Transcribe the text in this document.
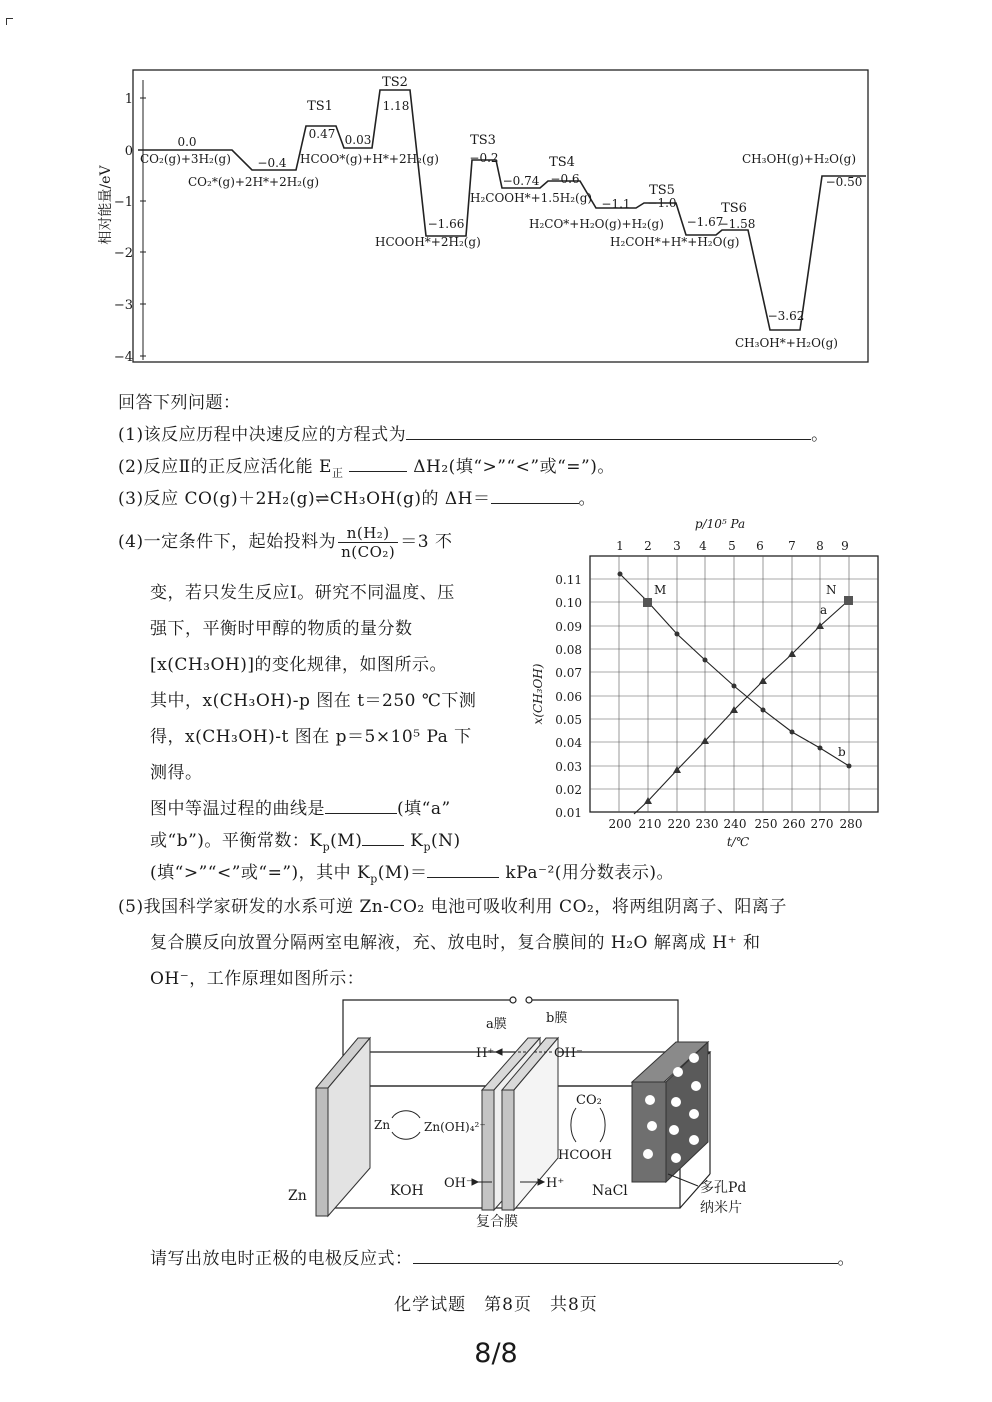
相对能量/eV
1
0
−1
−2
−3
−4
0.0
−0.4
0.47 0.03
1.18
−1.66
−0.2
−0.74 −0.6
−1.1 −1.0
−1.67
−1.58
−3.62
−0.50
TS1
TS2
TS3
TS4
TS5
TS6
CO₂(g)+3H₂(g)
CO₂*(g)+2H*+2H₂(g)
HCOO*(g)+H*+2H₂(g)
HCOOH*+2H₂(g)
H₂COOH*+1.5H₂(g)
H₂CO*+H₂O(g)+H₂(g)
H₂COH*+H*+H₂O(g)
CH₃OH*+H₂O(g)
CH₃OH(g)+H₂O(g)
回答下列问题：
(1)该反应历程中决速反应的方程式为	。
(2)反应Ⅱ的正反应活化能 $E_正$	ΔH₂(填“>”“<”或“=”)。
(3)反应 CO(g)＋2H₂(g)⇌CH₃OH(g)的 ΔH＝	。
(4)一定条件下，起始投料为 $\frac{\text{n(H₂)}}{\text{n(CO₂)}} =3$ 不
变，若只发生反应Ⅰ。研究不同温度、压
强下，平衡时甲醇的物质的量分数
[x(CH₃OH)]的变化规律，如图所示。
其中，x(CH₃OH)-p 图在 t＝250 ℃下测
得，x(CH₃OH)-t 图在 p＝5×10⁵ Pa 下
测得。
图中等温过程的曲线是	(填“a”
或“b”)。平衡常数：$K_p(M)$	$K_p(N)$
(填“>”“<”或“=”)，其中 $K_p(M)=$	kPa⁻²(用分数表示)。
(5)我国科学家研发的水系可逆 Zn-CO₂ 电池可吸收利用 CO₂，将两组阴离子、阳离子
复合膜反向放置分隔两室电解液，充、放电时，复合膜间的 H₂O 解离成 H⁺ 和
OH⁻，工作原理如图所示：
请写出放电时正极的电极反应式：	。
p/10⁵ Pa
1 2 3 4 5 6 7 8 9
0.11
0.10
0.09
0.08
0.07
0.06
0.05
0.04
0.03
0.02
0.01
x(CH₃OH)
200 210 220 230 240 250 260 270 280
t/℃
M	N
a
b
a膜	b膜
H⁺	OH⁻
Zn	Zn(OH)₄²⁻
CO₂
HCOOH
Zn	KOH OH⁻	H⁺ NaCl	多孔Pd
纳米片
复合膜
化学试题　第8页　共8页
8/8
